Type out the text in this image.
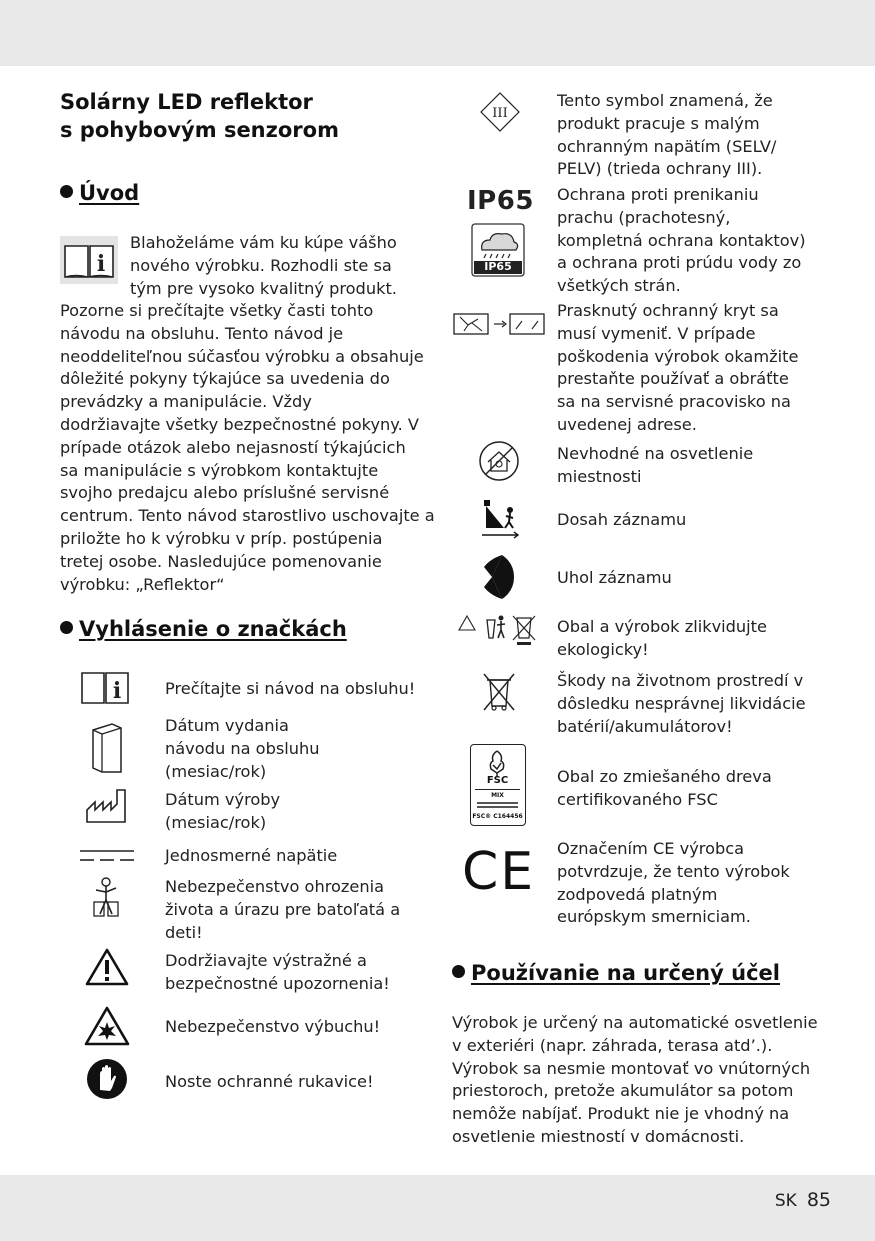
Solárny LED reflektor
s pohybovým senzorom
Úvod
i
Blahoželáme vám ku kúpe vášho
nového výrobku. Rozhodli ste sa
tým pre vysoko kvalitný produkt.
Pozorne si prečítajte všetky časti tohto
návodu na obsluhu. Tento návod je
neoddeliteľnou súčasťou výrobku a obsahuje
dôležité pokyny týkajúce sa uvedenia do
prevádzky a manipulácie. Vždy
dodržiavajte všetky bezpečnostné pokyny. V
prípade otázok alebo nejasností týkajúcich
sa manipulácie s výrobkom kontaktujte
svojho predajcu alebo príslušné servisné
centrum. Tento návod starostlivo uschovajte a
priložte ho k výrobku v príp. postúpenia
tretej osobe. Nasledujúce pomenovanie
výrobku: „Reflektor“
Vyhlásenie o značkách
i	Prečítajte si návod na obsluhu!
Dátum vydania
návodu na obsluhu
(mesiac/rok)
Dátum výroby
(mesiac/rok)
Jednosmerné napätie
Nebezpečenstvo ohrozenia
života a úrazu pre batoľatá a
deti!
Dodržiavajte výstražné a
bezpečnostné upozornenia!
Nebezpečenstvo výbuchu!
Noste ochranné rukavice!
III
Tento symbol znamená, že
produkt pracuje s malým
ochranným napätím (SELV/
PELV) (trieda ochrany III).
IP65
IP65
Ochrana proti prenikaniu
prachu (prachotesný,
kompletná ochrana kontaktov)
a ochrana proti prúdu vody zo
všetkých strán.
Prasknutý ochranný kryt sa
musí vymeniť. V prípade
poškodenia výrobok okamžite
prestaňte používať a obráťte
sa na servisné pracovisko na
uvedenej adrese.
Nevhodné na osvetlenie
miestnosti
Dosah záznamu
Uhol záznamu
Obal a výrobok zlikvidujte
ekologicky!
Škody na životnom prostredí v
dôsledku nesprávnej likvidácie
batérií/akumulátorov!
FSC
MIX
FSC® C164456
Obal zo zmiešaného dreva
certifikovaného FSC
CE Označením CE výrobca
potvrdzuje, že tento výrobok
zodpovedá platným
európskym smerniciam.
Používanie na určený účel
Výrobok je určený na automatické osvetlenie
v exteriéri (napr. záhrada, terasa atd’.).
Výrobok sa nesmie montovať vo vnútorných
priestoroch, pretože akumulátor sa potom
nemôže nabíjať. Produkt nie je vhodný na
osvetlenie miestností v domácnosti.
SK 85
